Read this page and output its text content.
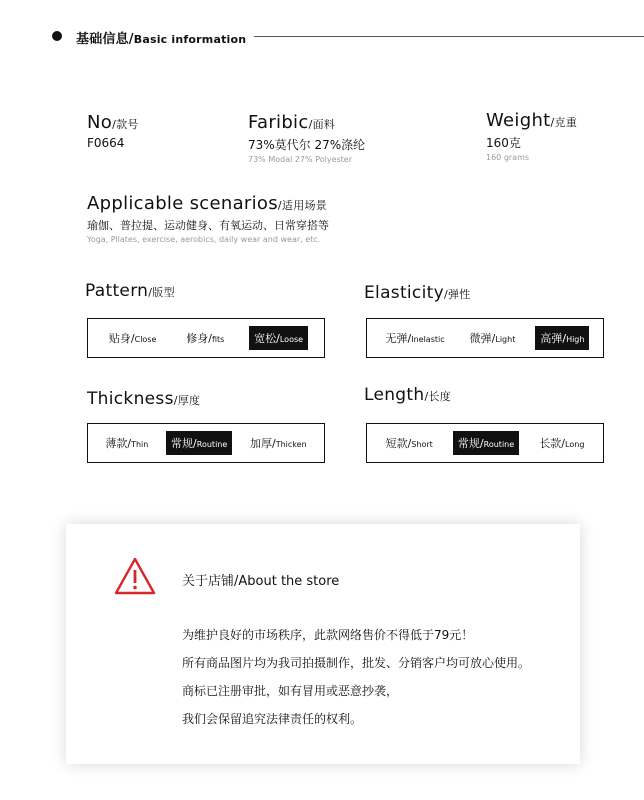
基础信息/Basic information
No/款号
F0664
Faribic/面料
73%莫代尔 27%涤纶
73% Modal 27% Polyester
Weight/克重
160克
160 grams
Applicable scenarios/适用场景
瑜伽、普拉提、运动健身、有氧运动、日常穿搭等
Yoga, Pilates, exercise, aerobics, daily wear and wear, etc.
Pattern/版型
贴身/Close	修身/fits	宽松/Loose
Elasticity/弹性
无弹/Inelastic	微弹/Light	高弹/High
Thickness/厚度
薄款/Thin	常规/Routine	加厚/Thicken
Length/长度
短款/Short	常规/Routine	长款/Long
关于店铺/About the store
为维护良好的市场秩序，此款网络售价不得低于79元！
所有商品图片均为我司拍摄制作，批发、分销客户均可放心使用。
商标已注册审批，如有冒用或恶意抄袭，
我们会保留追究法律责任的权利。
